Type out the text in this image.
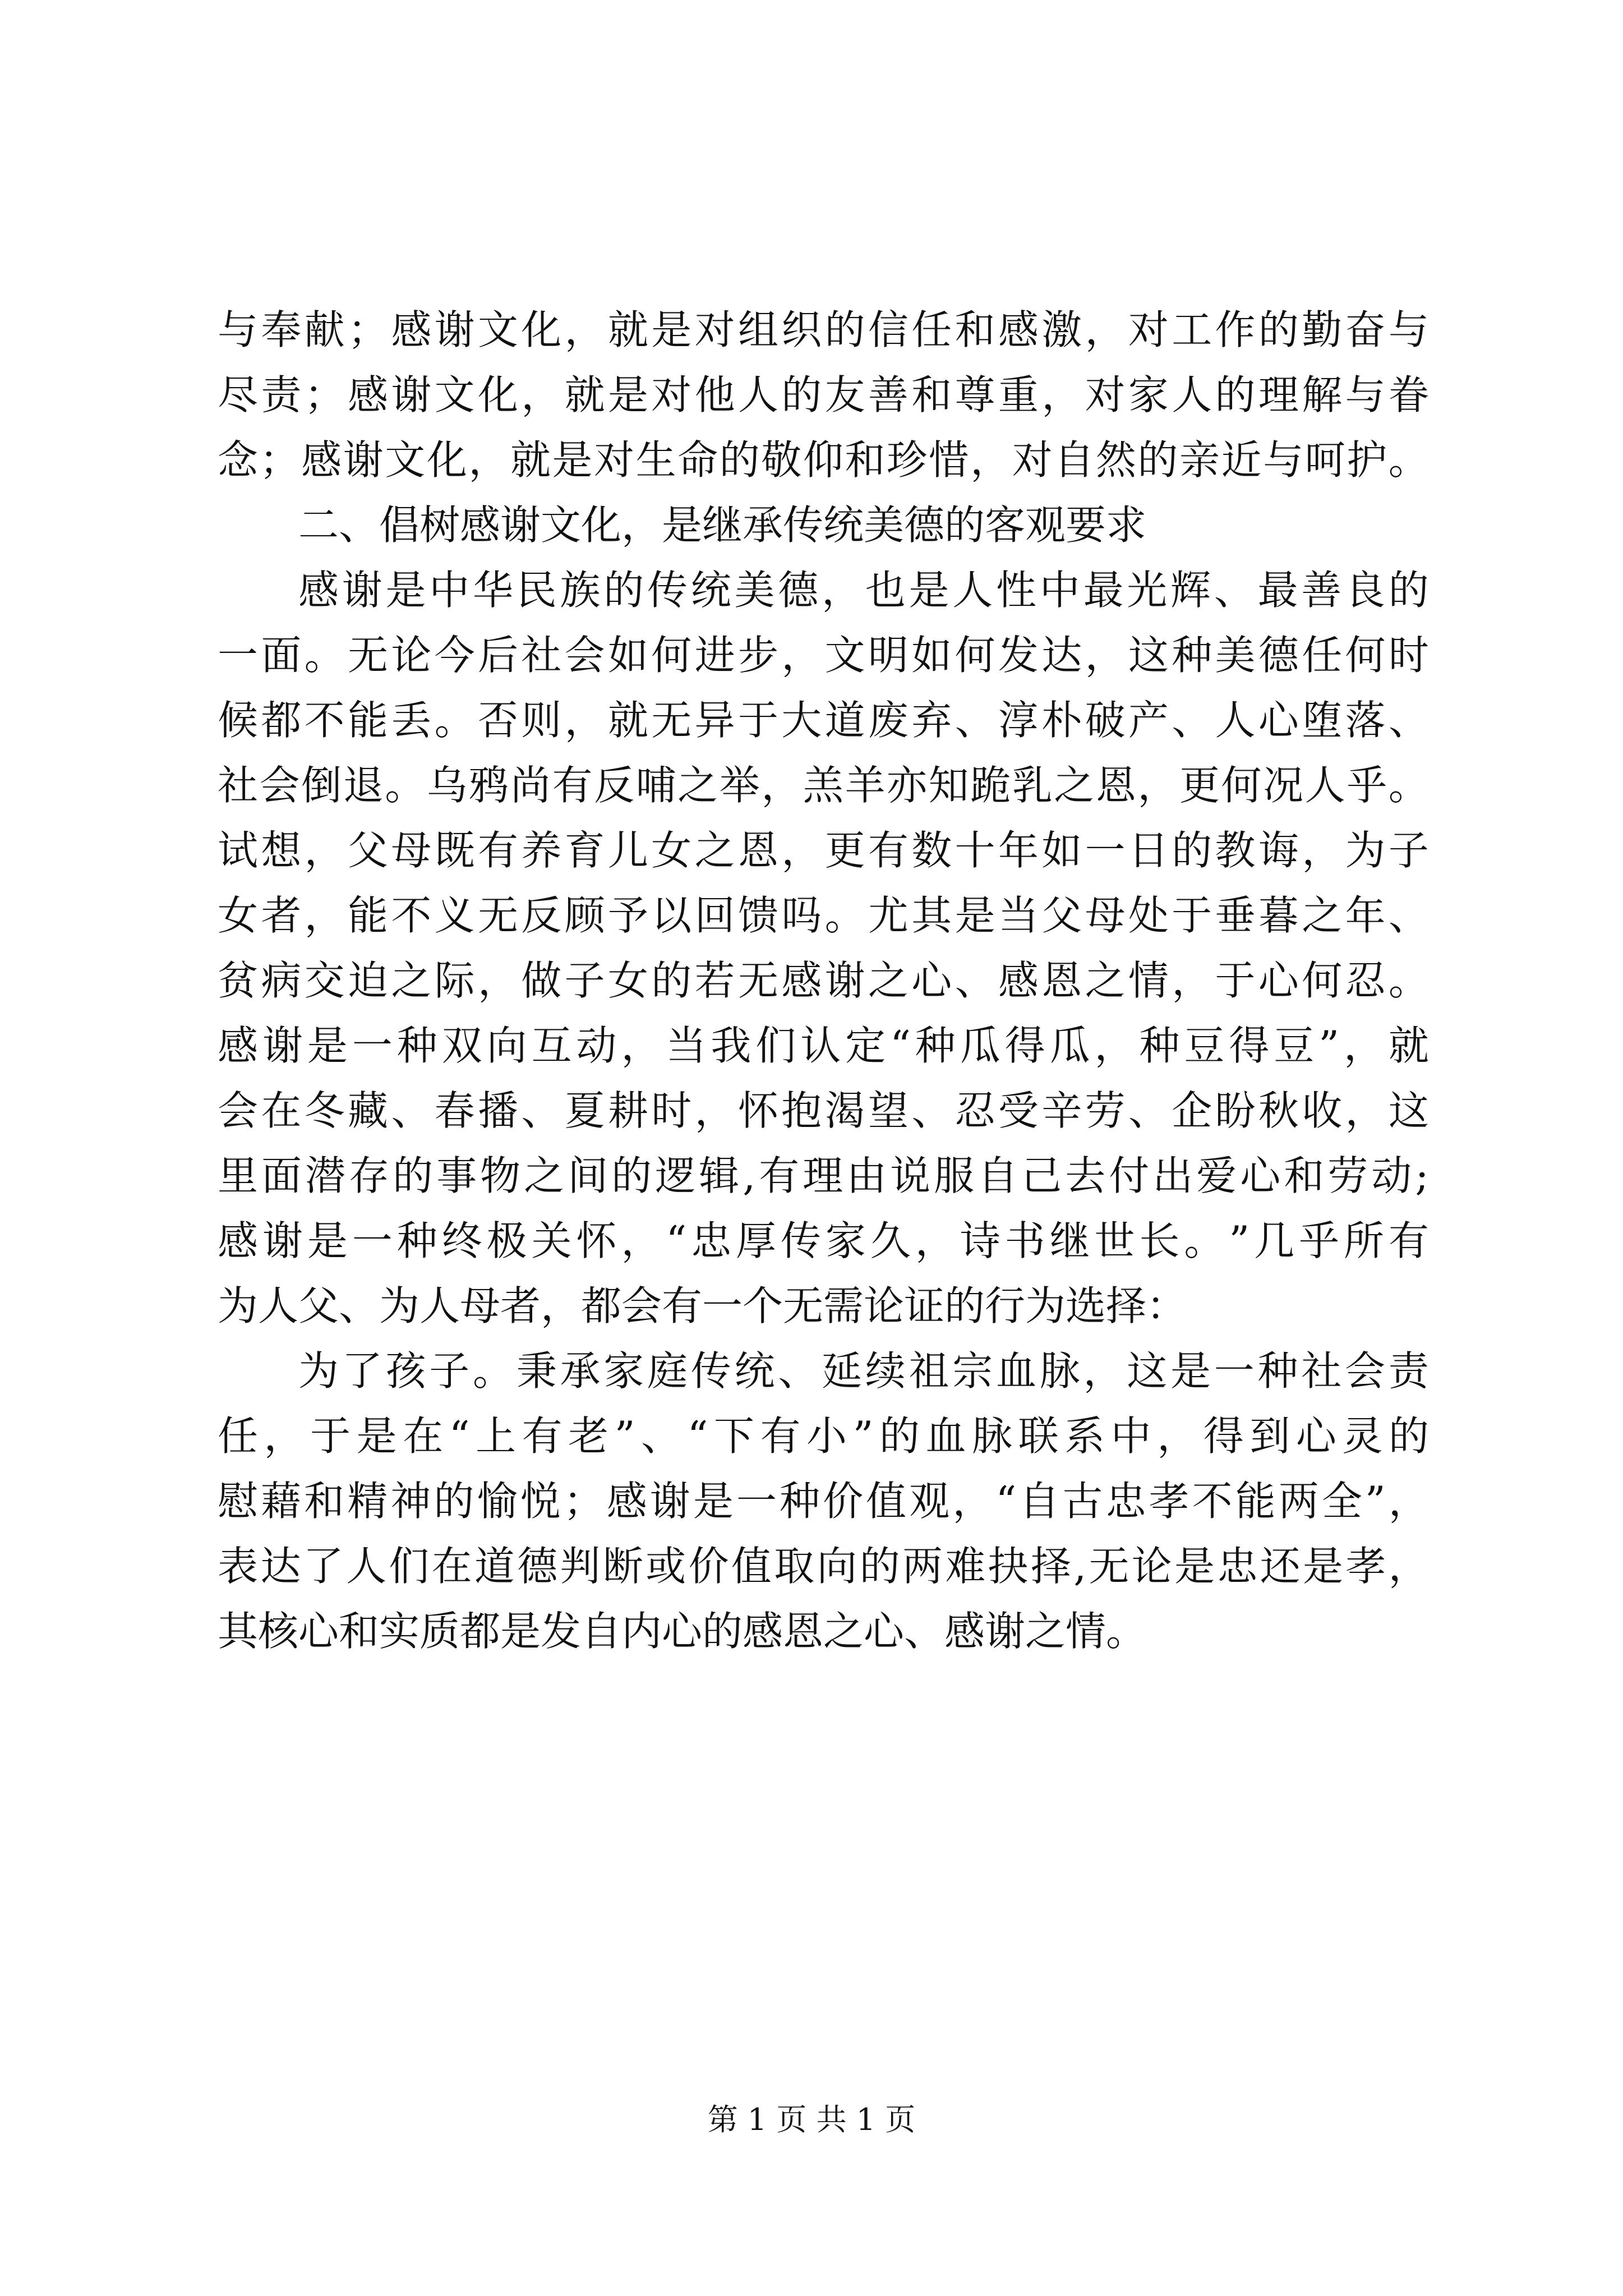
与 奉 献 ； 感 谢 文 化 ， 就 是 对 组 织 的 信 任 和 感 激 ， 对 工 作 的 勤 奋 与
尽 责 ； 感 谢 文 化 ， 就 是 对 他 人 的 友 善 和 尊 重 ， 对 家 人 的 理 解 与 眷
念 ； 感 谢 文 化 ， 就 是 对 生 命 的 敬 仰 和 珍 惜 ， 对 自 然 的 亲 近 与 呵 护 。
二、倡树感谢文化，是继承传统美德的客观要求
感 谢 是 中 华 民 族 的 传 统 美 德 ， 也 是 人 性 中 最 光 辉 、 最 善 良 的
一 面 。 无 论 今 后 社 会 如 何 进 步 ， 文 明 如 何 发 达 ， 这 种 美 德 任 何 时
候 都 不 能 丢 。 否 则 ， 就 无 异 于 大 道 废 弃 、 淳 朴 破 产 、 人 心 堕 落 、
社 会 倒 退 。 乌 鸦 尚 有 反 哺 之 举 ， 羔 羊 亦 知 跪 乳 之 恩 ， 更 何 况 人 乎 。
试 想 ， 父 母 既 有 养 育 儿 女 之 恩 ， 更 有 数 十 年 如 一 日 的 教 诲 ， 为 子
女 者 ， 能 不 义 无 反 顾 予 以 回 馈 吗 。 尤 其 是 当 父 母 处 于 垂 暮 之 年 、
贫 病 交 迫 之 际 ， 做 子 女 的 若 无 感 谢 之 心 、 感 恩 之 情 ， 于 心 何 忍 。
感 谢 是 一 种 双 向 互 动 ， 当 我 们 认 定 “ 种 瓜 得 瓜 ， 种 豆 得 豆 ” ， 就
会 在 冬 藏 、 春 播 、 夏 耕 时 ， 怀 抱 渴 望 、 忍 受 辛 劳 、 企 盼 秋 收 ， 这
里 面 潜 存 的 事 物 之 间 的 逻 辑 , 有 理 由 说 服 自 己 去 付 出 爱 心 和 劳 动 ;
感 谢 是 一 种 终 极 关 怀 ， “ 忠 厚 传 家 久 ， 诗 书 继 世 长 。 ” 几 乎 所 有
为人父、为人母者，都会有一个无需论证的行为选择：
为 了 孩 子 。 秉 承 家 庭 传 统 、 延 续 祖 宗 血 脉 ， 这 是 一 种 社 会 责
任 ， 于 是 在 “ 上 有 老 ” 、 “ 下 有 小 ” 的 血 脉 联 系 中 ， 得 到 心 灵 的
慰 藉 和 精 神 的 愉 悦 ； 感 谢 是 一 种 价 值 观 ， “ 自 古 忠 孝 不 能 两 全 ” ，
表 达 了 人 们 在 道 德 判 断 或 价 值 取 向 的 两 难 抉 择 , 无 论 是 忠 还 是 孝 ，
其核心和实质都是发自内心的感恩之心、感谢之情。
第 1 页 共 1 页
